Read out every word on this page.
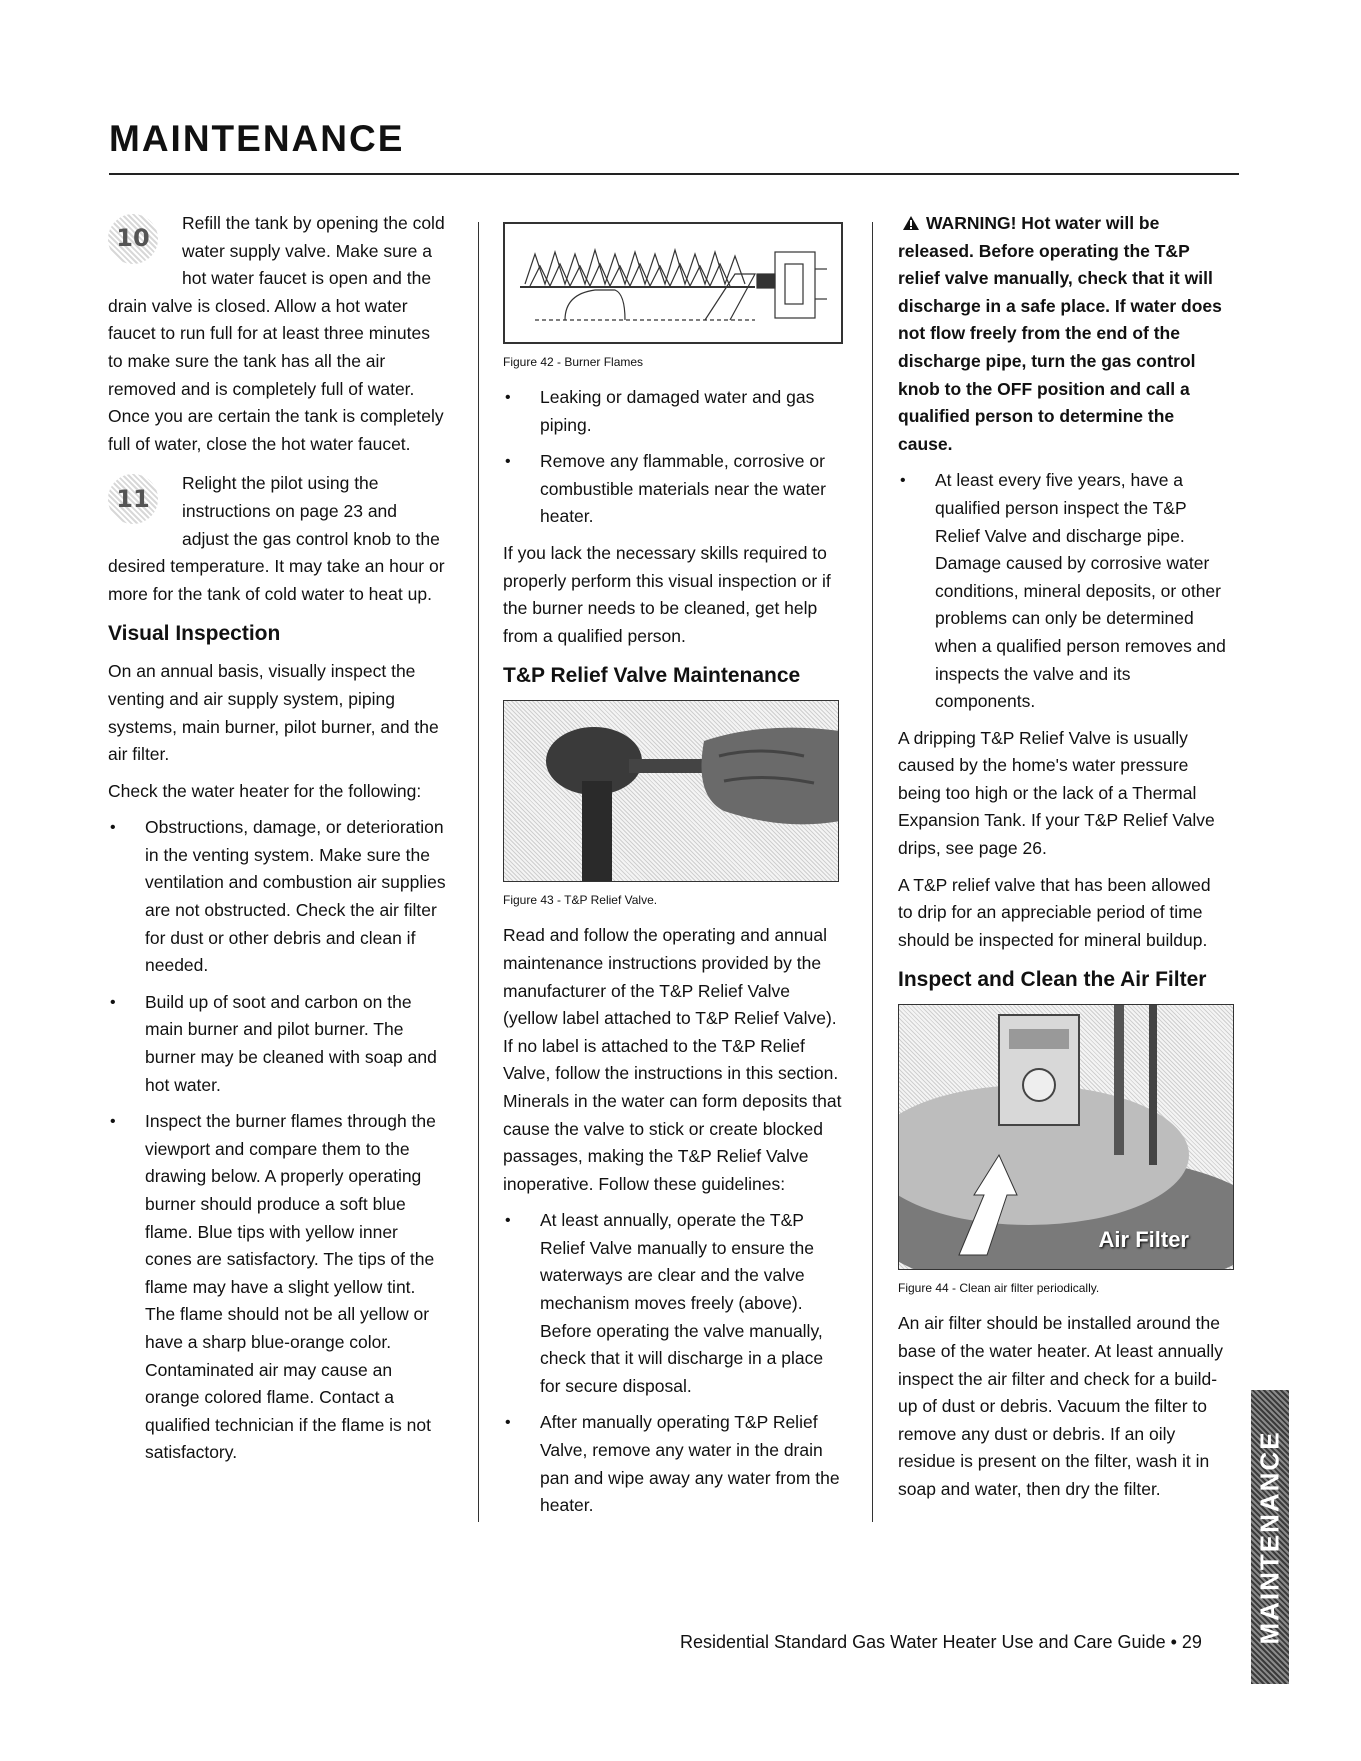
MAINTENANCE
10
Refill the tank by opening the cold water supply valve. Make sure a hot water faucet is open and the drain valve is closed. Allow a hot water faucet to run full for at least three minutes to make sure the tank has all the air removed and is completely full of water. Once you are certain the tank is completely full of water, close the hot water faucet.
11
Relight the pilot using the instructions on page 23 and adjust the gas control knob to the desired temperature. It may take an hour or more for the tank of cold water to heat up.
Visual Inspection

On an annual basis, visually inspect the venting and air supply system, piping systems, main burner, pilot burner, and the air filter.

Check the water heater for the following:

• Obstructions, damage, or deterioration in the venting system. Make sure the ventilation and combustion air supplies are not obstructed. Check the air filter for dust or other debris and clean if needed.
• Build up of soot and carbon on the main burner and pilot burner. The burner may be cleaned with soap and hot water.
• Inspect the burner flames through the viewport and compare them to the drawing below. A properly operating burner should produce a soft blue flame. Blue tips with yellow inner cones are satisfactory. The tips of the flame may have a slight yellow tint. The flame should not be all yellow or have a sharp blue-orange color. Contaminated air may cause an orange colored flame. Contact a qualified technician if the flame is not satisfactory.
Figure 42 - Burner Flames
• Leaking or damaged water and gas piping.
• Remove any flammable, corrosive or combustible materials near the water heater.

If you lack the necessary skills required to properly perform this visual inspection or if the burner needs to be cleaned, get help from a qualified person.

T&P Relief Valve Maintenance
Figure 43 - T&P Relief Valve.

Read and follow the operating and annual maintenance instructions provided by the manufacturer of the T&P Relief Valve (yellow label attached to T&P Relief Valve). If no label is attached to the T&P Relief Valve, follow the instructions in this section. Minerals in the water can form deposits that cause the valve to stick or create blocked passages, making the T&P Relief Valve inoperative. Follow these guidelines:

• At least annually, operate the T&P Relief Valve manually to ensure the waterways are clear and the valve mechanism moves freely (above). Before operating the valve manually, check that it will discharge in a place for secure disposal.
• After manually operating T&P Relief Valve, remove any water in the drain pan and wipe away any water from the heater.

WARNING! Hot water will be released. Before operating the T&P relief valve manually, check that it will discharge in a safe place. If water does not flow freely from the end of the discharge pipe, turn the gas control knob to the OFF position and call a qualified person to determine the cause.

• At least every five years, have a qualified person inspect the T&P Relief Valve and discharge pipe. Damage caused by corrosive water conditions, mineral deposits, or other problems can only be determined when a qualified person removes and inspects the valve and its components.

A dripping T&P Relief Valve is usually caused by the home's water pressure being too high or the lack of a Thermal Expansion Tank. If your T&P Relief Valve drips, see page 26.

A T&P relief valve that has been allowed to drip for an appreciable period of time should be inspected for mineral buildup.

Inspect and Clean the Air Filter
Air Filter
Figure 44 - Clean air filter periodically.

An air filter should be installed around the base of the water heater. At least annually inspect the air filter and check for a build-up of dust or debris. Vacuum the filter to remove any dust or debris. If an oily residue is present on the filter, wash it in soap and water, then dry the filter.

Residential Standard Gas Water Heater Use and Care Guide • 29 MAINTENANCE
